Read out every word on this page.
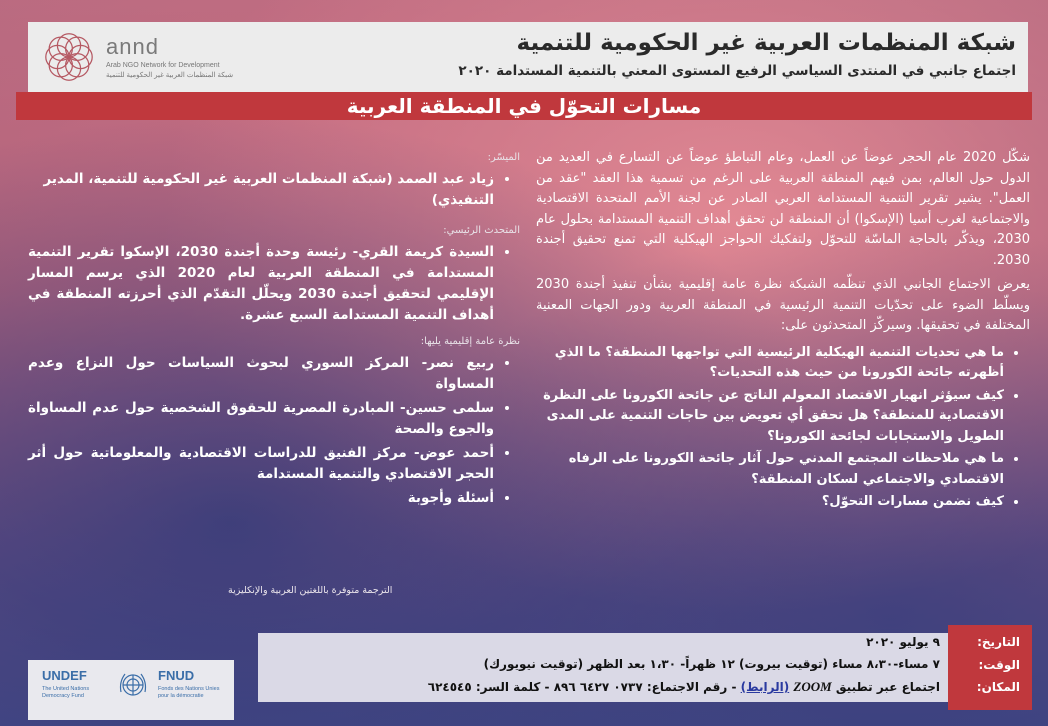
annd
Arab NGO Network for Development
شبكة المنظمات العربية غير الحكومية للتنمية
شبكة المنظمات العربية غير الحكومية للتنمية
اجتماع جانبي في المنتدى السياسي الرفيع المستوى المعني بالتنمية المستدامة ٢٠٢٠
مسارات التحوّل في المنطقة العربية

شكّل 2020 عام الحجر عوضاً عن العمل، وعام التباطؤ عوضاً عن التسارع في العديد من الدول حول العالم، بمن فيهم المنطقة العربية على الرغم من تسمية هذا العقد "عقد من العمل". يشير تقرير التنمية المستدامة العربي الصادر عن لجنة الأمم المتحدة الاقتصادية والاجتماعية لغرب أسيا (الإسكوا) أن المنطقة لن تحقق أهداف التنمية المستدامة بحلول عام 2030، ويذكّر بالحاجة الماسّة للتحوّل ولتفكيك الحواجز الهيكلية التي تمنع تحقيق أجندة 2030.

يعرض الاجتماع الجانبي الذي تنظّمه الشبكة نظرة عامة إقليمية بشأن تنفيذ أجندة 2030 ويسلّط الضوء على تحدّيات التنمية الرئيسية في المنطقة العربية ودور الجهات المعنية المختلفة في تحقيقها. وسيركّز المتحدثون على:

• ما هي تحديات التنمية الهيكلية الرئيسية التي تواجهها المنطقة؟ ما الذي أظهرته جائحة الكورونا من حيث هذه التحديات؟
• كيف سيؤثر انهيار الاقتصاد المعولم الناتج عن جائحة الكورونا على النظرة الاقتصادية للمنطقة؟ هل تحقق أي تعويض بين حاجات التنمية على المدى الطويل والاستجابات لجائحة الكورونا؟
• ما هي ملاحظات المجتمع المدني حول آثار جائحة الكورونا على الرفاه الاقتصادي والاجتماعي لسكان المنطقة؟
• كيف نضمن مسارات التحوّل؟
الميسّر:
• زياد عبد الصمد (شبكة المنظمات العربية غير الحكومية للتنمية، المدير التنفيذي)
المتحدث الرئيسي:
• السيدة كريمة القري- رئيسة وحدة أجندة 2030، الإسكوا تقرير التنمية المستدامة في المنطقة العربية لعام 2020 الذي يرسم المسار الإقليمي لتحقيق أجندة 2030 ويحلّل التقدّم الذي أحرزته المنطقة في أهداف التنمية المستدامة السبع عشرة.
نظرة عامة إقليمية يليها:
• ربيع نصر- المركز السوري لبحوث السياسات حول النزاع وعدم المساواة
• سلمى حسين- المبادرة المصرية للحقوق الشخصية حول عدم المساواة والجوع والصحة
• أحمد عوض- مركز الفنيق للدراسات الاقتصادية والمعلوماتية حول أثر الحجر الاقتصادي والتنمية المستدامة
• أسئلة وأجوبة
الترجمة متوفرة باللغتين العربية والإنكليزية
٩ يوليو ٢٠٢٠
٧ مساء-٨،٣٠ مساء (توقيت بيروت) ١٢ ظهراً- ١،٣٠ بعد الظهر (توقيت نيويورك)
اجتماع عبر تطبيق ZOOM (الرابط) - رقم الاجتماع: ٠٧٣٧ ٦٤٢٧ ٨٩٦ - كلمة السر: ٦٢٤٥٤٥
التاريخ:
الوقت:
المكان:
UNDEF
The United Nations Democracy Fund
FNUD
Fonds des Nations Unies pour la démocratie
